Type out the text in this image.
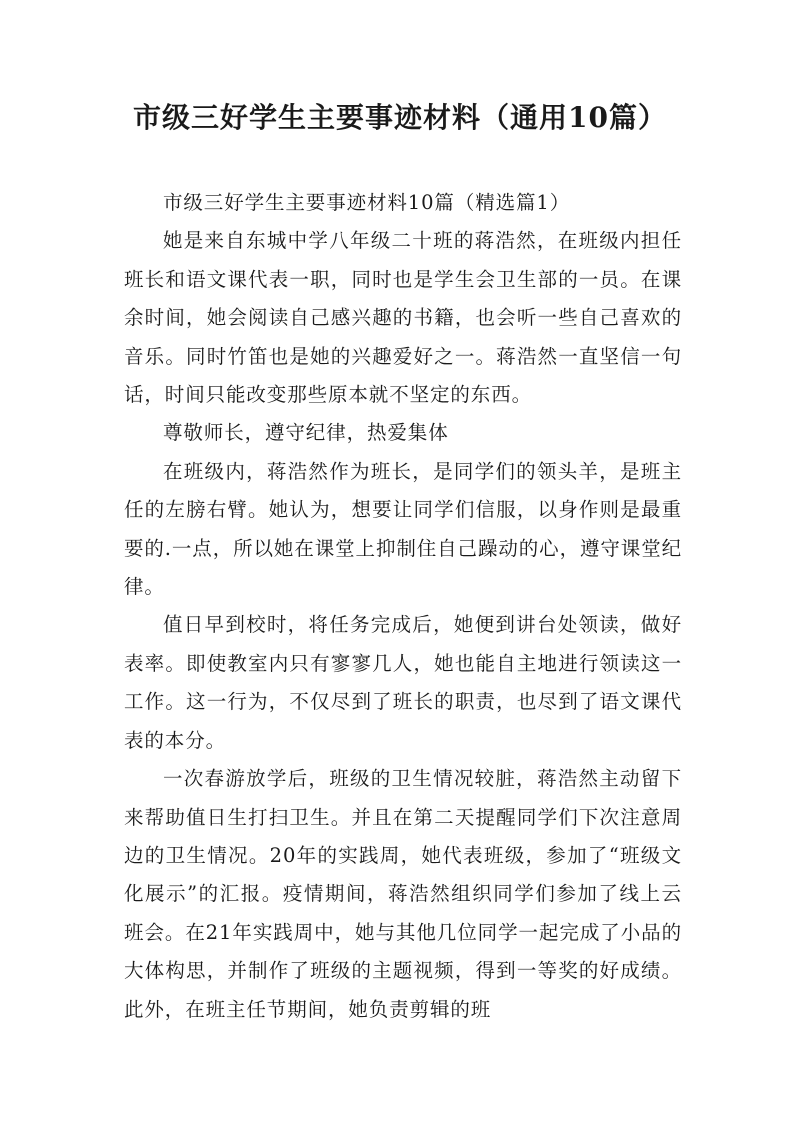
市级三好学生主要事迹材料（通用10篇）

市级三好学生主要事迹材料10篇（精选篇1）

她是来自东城中学八年级二十班的蒋浩然，在班级内担任班长和语文课代表一职，同时也是学生会卫生部的一员。在课余时间，她会阅读自己感兴趣的书籍，也会听一些自己喜欢的音乐。同时竹笛也是她的兴趣爱好之一。蒋浩然一直坚信一句话，时间只能改变那些原本就不坚定的东西。

尊敬师长，遵守纪律，热爱集体

在班级内，蒋浩然作为班长，是同学们的领头羊，是班主任的左膀右臂。她认为，想要让同学们信服，以身作则是最重要的.一点，所以她在课堂上抑制住自己躁动的心，遵守课堂纪律。

值日早到校时，将任务完成后，她便到讲台处领读，做好表率。即使教室内只有寥寥几人，她也能自主地进行领读这一工作。这一行为，不仅尽到了班长的职责，也尽到了语文课代表的本分。

一次春游放学后，班级的卫生情况较脏，蒋浩然主动留下来帮助值日生打扫卫生。并且在第二天提醒同学们下次注意周边的卫生情况。20年的实践周，她代表班级，参加了“班级文化展示”的汇报。疫情期间，蒋浩然组织同学们参加了线上云班会。在21年实践周中，她与其他几位同学一起完成了小品的大体构思，并制作了班级的主题视频，得到一等奖的好成绩。此外，在班主任节期间，她负责剪辑的班
